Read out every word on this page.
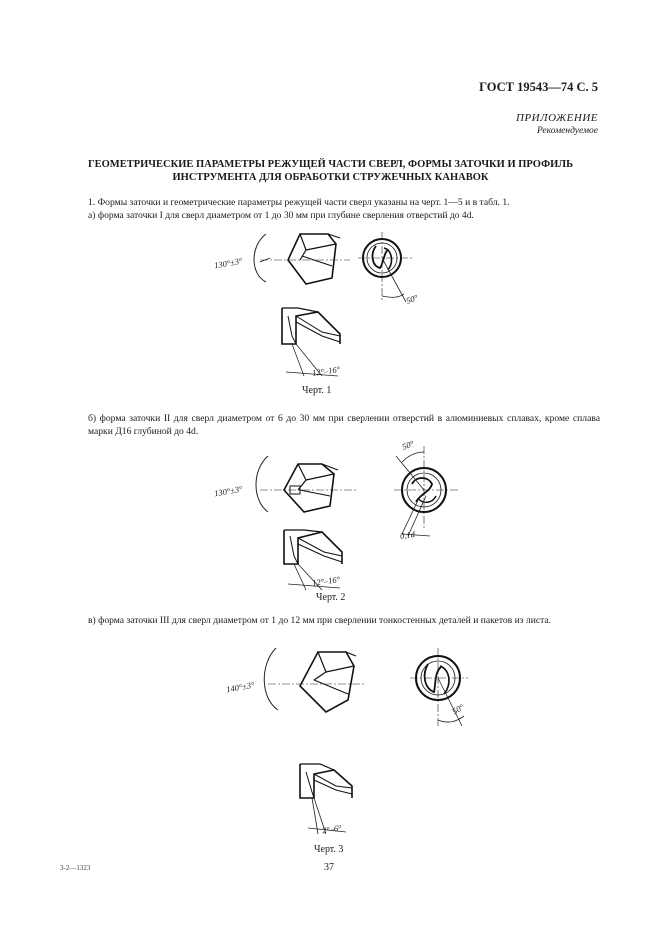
ГОСТ 19543—74 С. 5
ПРИЛОЖЕНИЕ
Рекомендуемое
ГЕОМЕТРИЧЕСКИЕ ПАРАМЕТРЫ РЕЖУЩЕЙ ЧАСТИ СВЕРЛ, ФОРМЫ ЗАТОЧКИ И ПРОФИЛЬ
ИНСТРУМЕНТА ДЛЯ ОБРАБОТКИ СТРУЖЕЧНЫХ КАНАВОК
1. Формы заточки и геометрические параметры режущей части сверл указаны на черт. 1—5 и в табл. 1.
а) форма заточки I для сверл диаметром от 1 до 30 мм при глубине сверления отверстий до 4d.
130°±3°
50°
12°–16°
Черт. 1
б) форма заточки II для сверл диаметром от 6 до 30 мм при сверлении отверстий в алюминиевых сплавах, кроме сплава марки Д16 глубиной до 4d.
130°±3°
50°
0,1d
12°–16°
Черт. 2
в) форма заточки III для сверл диаметром от 1 до 12 мм при сверлении тонкостенных деталей и пакетов из листа.
140°±3°
50°
2°–6°
Черт. 3
3-2—1323	37
